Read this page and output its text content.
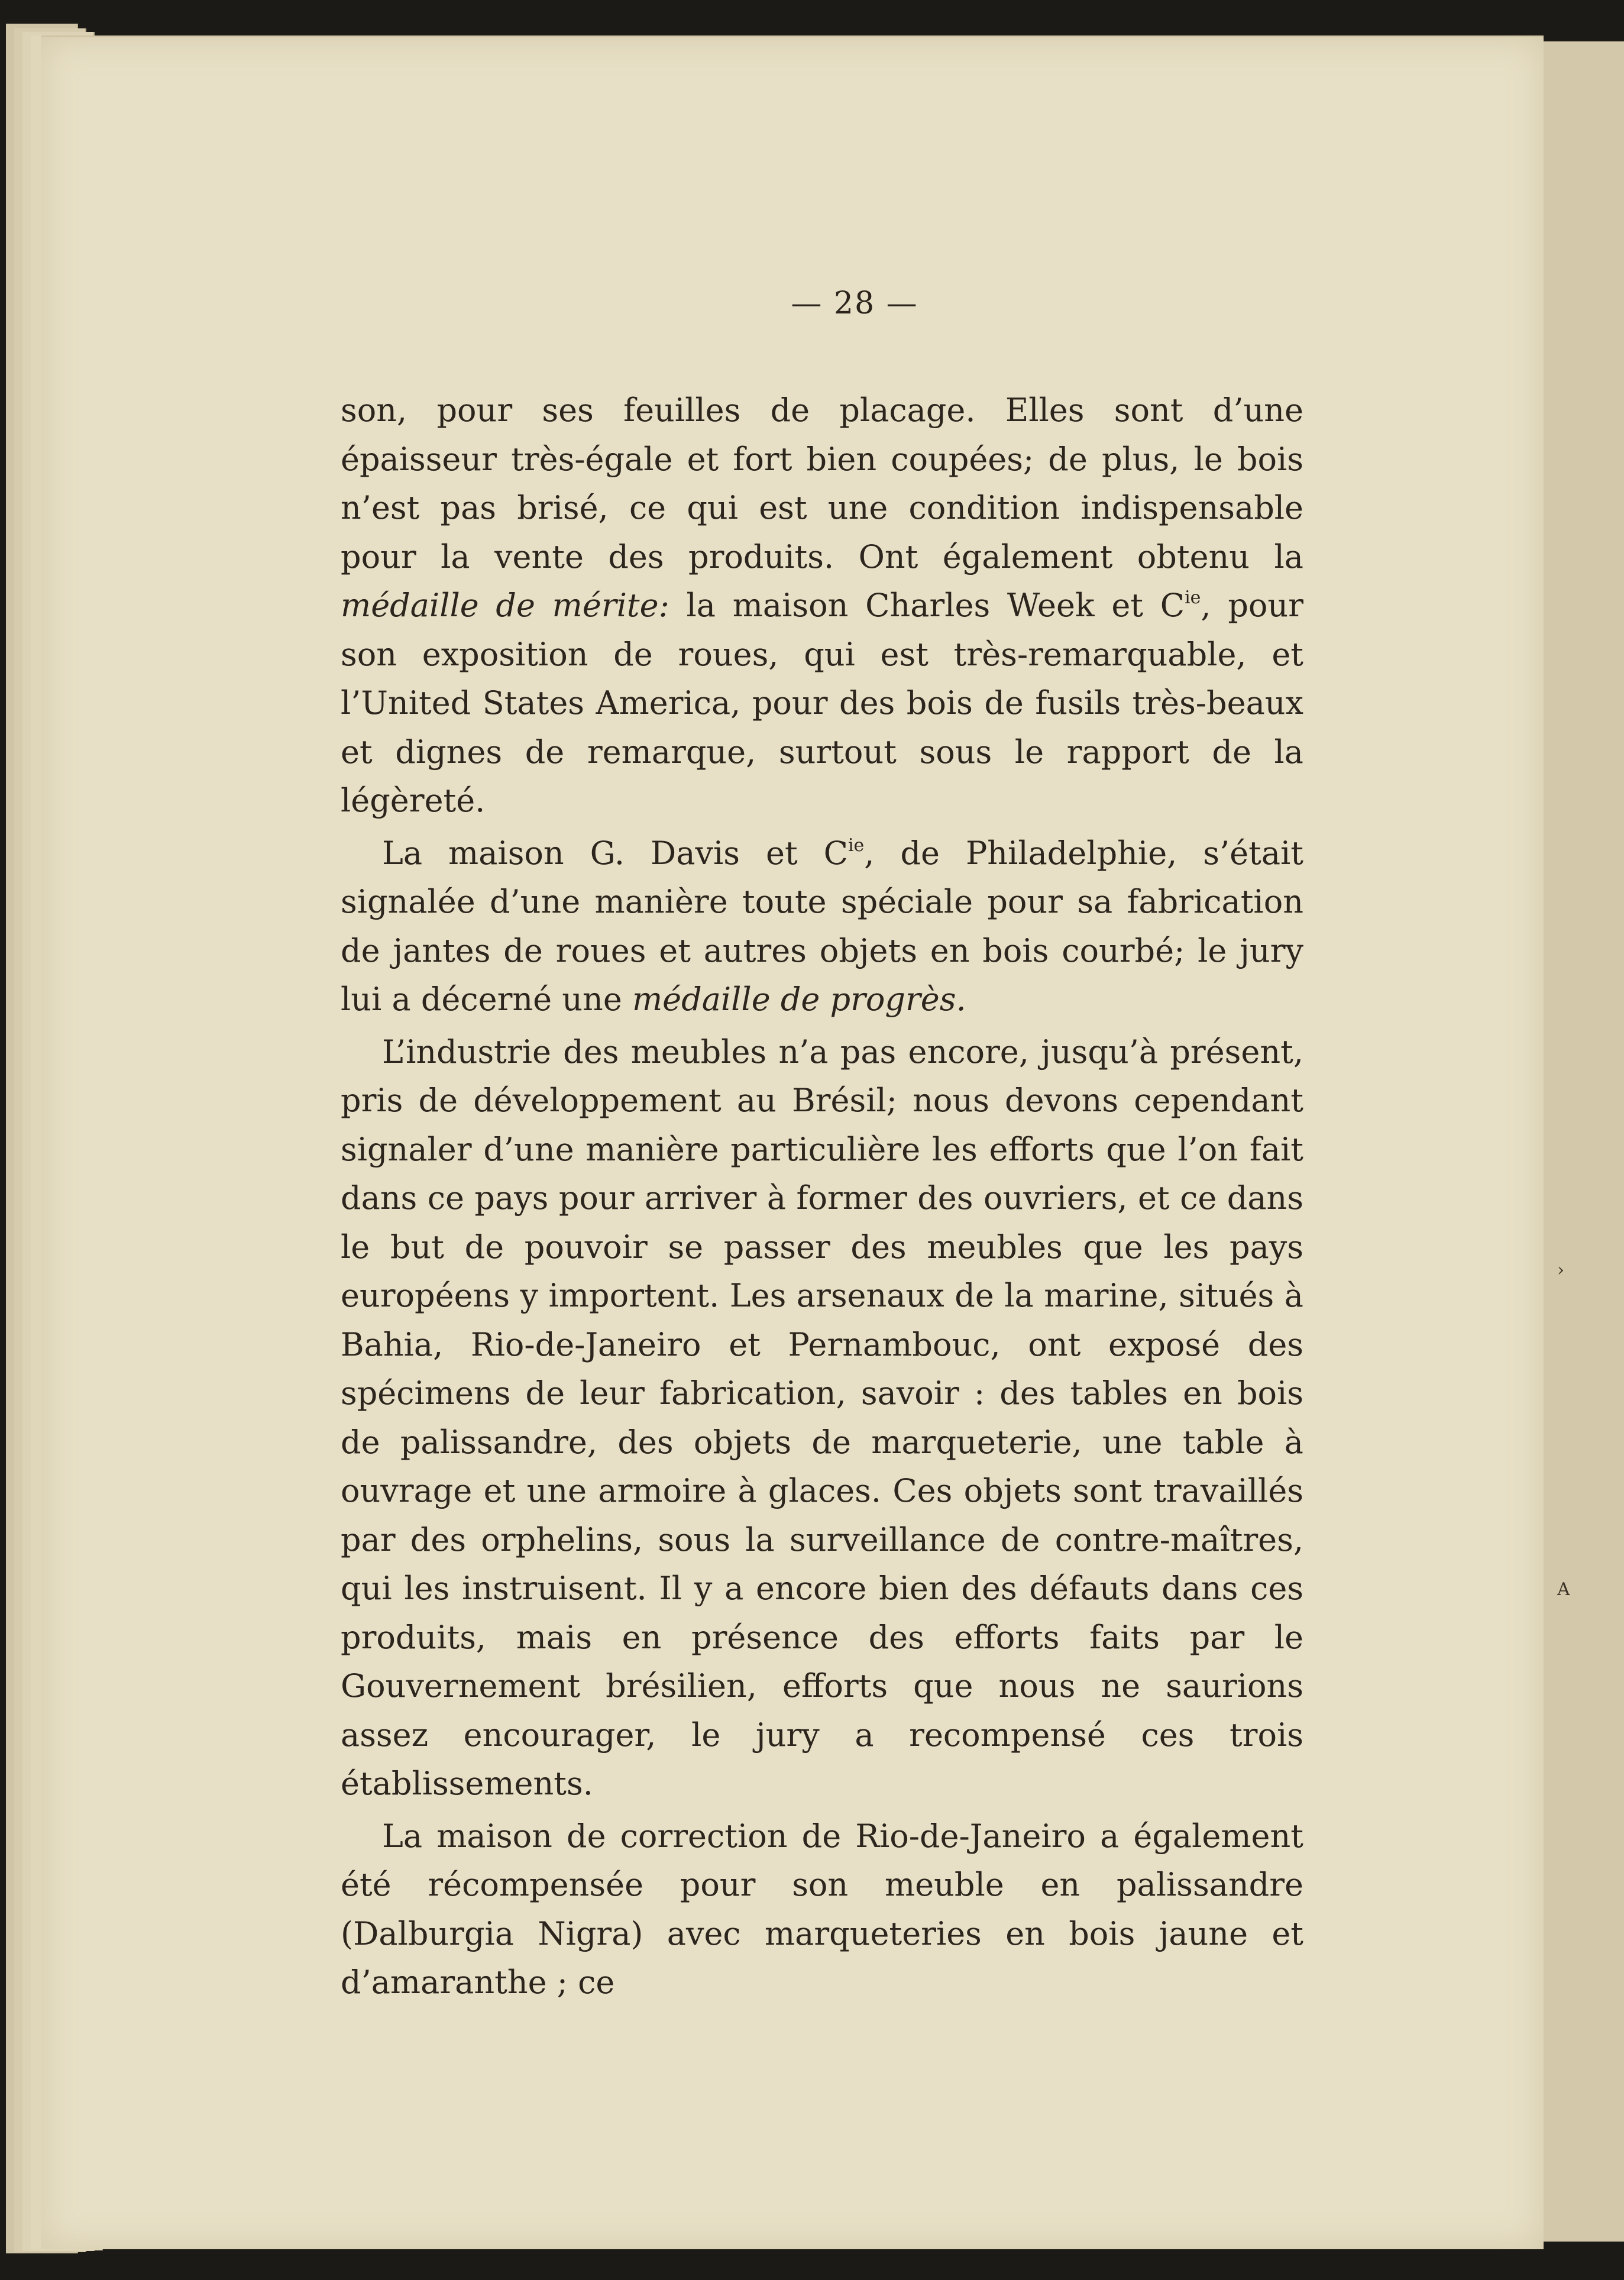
›
A
— 28 —

son, pour ses feuilles de placage. Elles sont d’une épaisseur très-égale et fort bien coupées; de plus, le bois n’est pas brisé, ce qui est une condition indispensable pour la vente des produits. Ont également obtenu la médaille de mérite: la maison Charles Week et $C^{ie}$, pour son exposition de roues, qui est très-remarquable, et l’United States America, pour des bois de fusils très-beaux et dignes de remarque, surtout sous le rapport de la légèreté.

La maison G. Davis et $C^{ie}$, de Philadelphie, s’était signalée d’une manière toute spéciale pour sa fabrication de jantes de roues et autres objets en bois courbé; le jury lui a décerné une médaille de progrès.

L’industrie des meubles n’a pas encore, jusqu’à présent, pris de développement au Brésil; nous devons cependant signaler d’une manière particulière les efforts que l’on fait dans ce pays pour arriver à former des ouvriers, et ce dans le but de pouvoir se passer des meubles que les pays européens y importent. Les arsenaux de la marine, situés à Bahia, Rio-de-Janeiro et Pernambouc, ont exposé des spécimens de leur fabrication, savoir : des tables en bois de palissandre, des objets de marqueterie, une table à ouvrage et une armoire à glaces. Ces objets sont travaillés par des orphelins, sous la surveillance de contre-maîtres, qui les instruisent. Il y a encore bien des défauts dans ces produits, mais en présence des efforts faits par le Gouvernement brésilien, efforts que nous ne saurions assez encourager, le jury a recompensé ces trois établissements.

La maison de correction de Rio-de-Janeiro a également été récompensée pour son meuble en palissandre (Dalburgia Nigra) avec marqueteries en bois jaune et d’amaranthe ; ce
